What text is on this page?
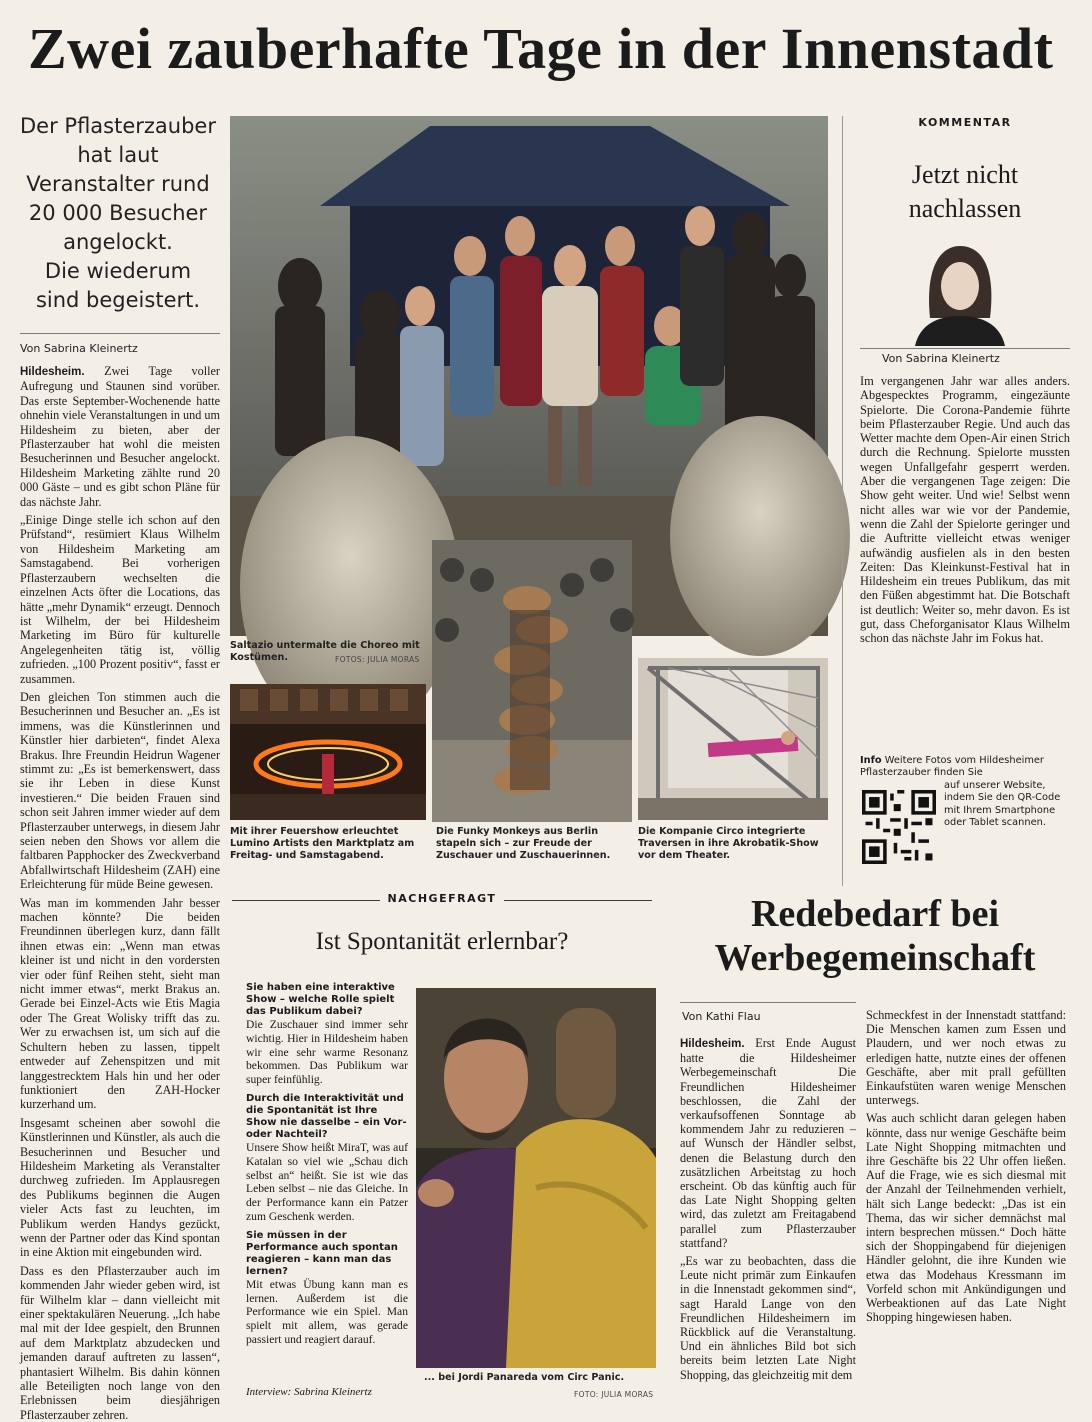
Zwei zauberhafte Tage in der Innenstadt
Der Pflasterzauber
hat laut
Veranstalter rund
20 000 Besucher
angelockt.
Die wiederum
sind begeistert.
Von Sabrina Kleinertz

Hildesheim. Zwei Tage voller Aufregung und Staunen sind vorüber. Das erste September-Wochenende hatte ohnehin viele Veranstaltungen in und um Hildesheim zu bieten, aber der Pflasterzauber hat wohl die meisten Besucherinnen und Besucher angelockt. Hildesheim Marketing zählte rund 20 000 Gäste – und es gibt schon Pläne für das nächste Jahr.

„Einige Dinge stelle ich schon auf den Prüfstand“, resümiert Klaus Wilhelm von Hildesheim Marketing am Samstagabend. Bei vorherigen Pflasterzaubern wechselten die einzelnen Acts öfter die Locations, das hätte „mehr Dynamik“ erzeugt. Dennoch ist Wilhelm, der bei Hildesheim Marketing im Büro für kulturelle Angelegenheiten tätig ist, völlig zufrieden. „100 Prozent positiv“, fasst er zusammen.

Den gleichen Ton stimmen auch die Besucherinnen und Besucher an. „Es ist immens, was die Künstlerinnen und Künstler hier darbieten“, findet Alexa Brakus. Ihre Freundin Heidrun Wagener stimmt zu: „Es ist bemerkenswert, dass sie ihr Leben in diese Kunst investieren.“ Die beiden Frauen sind schon seit Jahren immer wieder auf dem Pflasterzauber unterwegs, in diesem Jahr seien neben den Shows vor allem die faltbaren Papphocker des Zweckverband Abfallwirtschaft Hildesheim (ZAH) eine Erleichterung für müde Beine gewesen.

Was man im kommenden Jahr besser machen könnte? Die beiden Freundinnen überlegen kurz, dann fällt ihnen etwas ein: „Wenn man etwas kleiner ist und nicht in den vordersten vier oder fünf Reihen steht, sieht man nicht immer etwas“, merkt Brakus an. Gerade bei Einzel-Acts wie Etis Magia oder The Great Wolisky trifft das zu. Wer zu erwachsen ist, um sich auf die Schultern heben zu lassen, tippelt entweder auf Zehenspitzen und mit langgestrecktem Hals hin und her oder funktioniert den ZAH-Hocker kurzerhand um.

Insgesamt scheinen aber sowohl die Künstlerinnen und Künstler, als auch die Besucherinnen und Besucher und Hildesheim Marketing als Veranstalter durchweg zufrieden. Im Applausregen des Publikums beginnen die Augen vieler Acts fast zu leuchten, im Publikum werden Handys gezückt, wenn der Partner oder das Kind spontan in eine Aktion mit eingebunden wird.

Dass es den Pflasterzauber auch im kommenden Jahr wieder geben wird, ist für Wilhelm klar – dann vielleicht mit einer spektakulären Neuerung. „Ich habe mal mit der Idee gespielt, den Brunnen auf dem Marktplatz abzudecken und jemanden darauf auftreten zu lassen“, phantasiert Wilhelm. Bis dahin können alle Beteiligten noch lange von den Erlebnissen beim diesjährigen Pflasterzauber zehren.

Saltazio untermalte die Choreo mit Kostümen.	FOTOS: JULIA MORAS
Mit ihrer Feuershow erleuchtet Lumino Artists den Marktplatz am Freitag- und Samstagabend.
Die Funky Monkeys aus Berlin stapeln sich – zur Freude der Zuschauer und Zuschauerinnen.
Die Kompanie Circo integrierte Traversen in ihre Akrobatik-Show vor dem Theater.
KOMMENTAR
Jetzt nicht
nachlassen
Von Sabrina Kleinertz
Im vergangenen Jahr war alles anders. Abgespecktes Programm, eingezäunte Spielorte. Die Corona-Pandemie führte beim Pflasterzauber Regie. Und auch das Wetter machte dem Open-Air einen Strich durch die Rechnung. Spielorte mussten wegen Unfallgefahr gesperrt werden. Aber die vergangenen Tage zeigen: Die Show geht weiter. Und wie! Selbst wenn nicht alles war wie vor der Pandemie, wenn die Zahl der Spielorte geringer und die Auftritte vielleicht etwas weniger aufwändig ausfielen als in den besten Zeiten: Das Kleinkunst-Festival hat in Hildesheim ein treues Publikum, das mit den Füßen abgestimmt hat. Die Botschaft ist deutlich: Weiter so, mehr davon. Es ist gut, dass Cheforganisator Klaus Wilhelm schon das nächste Jahr im Fokus hat.
Info Weitere Fotos vom Hildesheimer Pflasterzauber finden Sie
auf unserer Website, indem Sie den QR-Code mit Ihrem Smartphone oder Tablet scannen.
NACHGEFRAGT
Ist Spontanität erlernbar?
Sie haben eine interaktive Show – welche Rolle spielt das Publikum dabei?
Die Zuschauer sind immer sehr wichtig. Hier in Hildesheim haben wir eine sehr warme Resonanz bekommen. Das Publikum war super feinfühlig.
Durch die Interaktivität und die Spontanität ist Ihre Show nie dasselbe – ein Vor- oder Nachteil?
Unsere Show heißt MiraT, was auf Katalan so viel wie „Schau dich selbst an“ heißt. Sie ist wie das Leben selbst – nie das Gleiche. In der Performance kann ein Patzer zum Geschenk werden.
Sie müssen in der Performance auch spontan reagieren – kann man das lernen?
Mit etwas Übung kann man es lernen. Außerdem ist die Performance wie ein Spiel. Man spielt mit allem, was gerade passiert und reagiert darauf.
Interview: Sabrina Kleinertz
... bei Jordi Panareda vom Circ Panic.
FOTO: JULIA MORAS
Redebedarf bei
Werbegemeinschaft
Von Kathi Flau

Hildesheim. Erst Ende August hatte die Hildesheimer Werbegemeinschaft Die Freundlichen Hildesheimer beschlossen, die Zahl der verkaufsoffenen Sonntage ab kommendem Jahr zu reduzieren – auf Wunsch der Händler selbst, denen die Belastung durch den zusätzlichen Arbeitstag zu hoch erscheint. Ob das künftig auch für das Late Night Shopping gelten wird, das zuletzt am Freitagabend parallel zum Pflasterzauber stattfand?

„Es war zu beobachten, dass die Leute nicht primär zum Einkaufen in die Innenstadt gekommen sind“, sagt Harald Lange von den Freundlichen Hildesheimern im Rückblick auf die Veranstaltung. Und ein ähnliches Bild bot sich bereits beim letzten Late Night Shopping, das gleichzeitig mit dem

Schmeckfest in der Innenstadt stattfand: Die Menschen kamen zum Essen und Plaudern, und wer noch etwas zu erledigen hatte, nutzte eines der offenen Geschäfte, aber mit prall gefüllten Einkaufstüten waren wenige Menschen unterwegs.

Was auch schlicht daran gelegen haben könnte, dass nur wenige Geschäfte beim Late Night Shopping mitmachten und ihre Geschäfte bis 22 Uhr offen ließen. Auf die Frage, wie es sich diesmal mit der Anzahl der Teilnehmenden verhielt, hält sich Lange bedeckt: „Das ist ein Thema, das wir sicher demnächst mal intern besprechen müssen.“ Doch hätte sich der Shoppingabend für diejenigen Händler gelohnt, die ihre Kunden wie etwa das Modehaus Kressmann im Vorfeld schon mit Ankündigungen und Werbeaktionen auf das Late Night Shopping hingewiesen haben.
